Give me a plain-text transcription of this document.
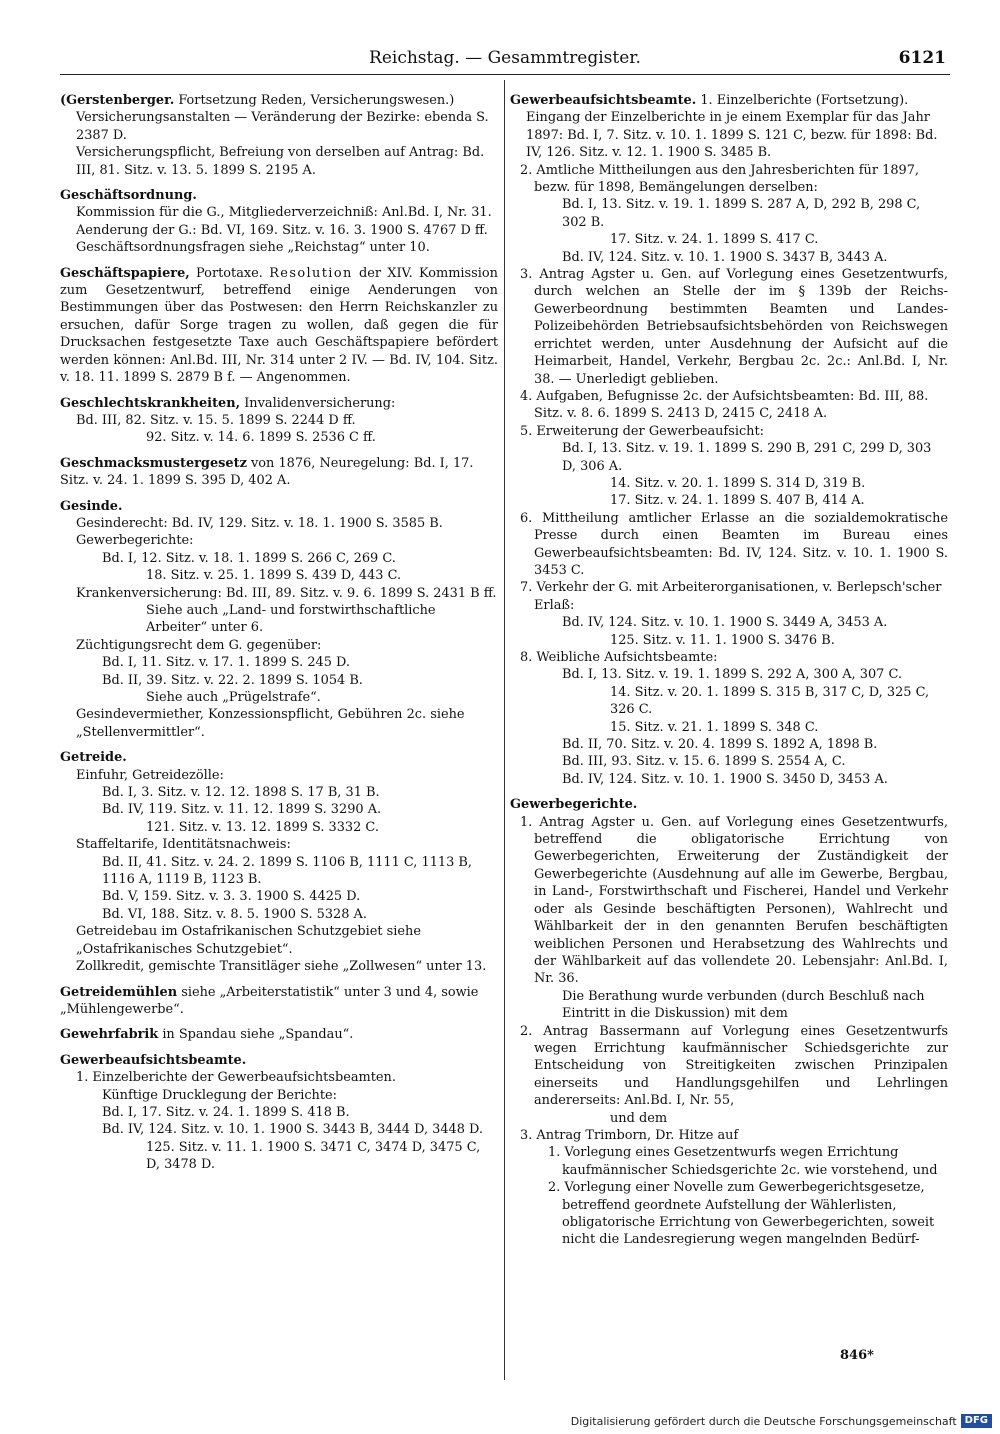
Reichstag. — Gesammtregister.	6121

(Gerstenberger. Fortsetzung Reden, Versicherungswesen.)

Versicherungsanstalten — Veränderung der Bezirke: ebenda S. 2387 D.

Versicherungspflicht, Befreiung von derselben auf Antrag: Bd. III, 81. Sitz. v. 13. 5. 1899 S. 2195 A.

Geschäftsordnung.

Kommission für die G., Mitgliederverzeichniß: Anl.Bd. I, Nr. 31.

Aenderung der G.: Bd. VI, 169. Sitz. v. 16. 3. 1900 S. 4767 D ff.

Geschäftsordnungsfragen siehe „Reichstag“ unter 10.

Geschäftspapiere, Portotaxe. Resolution der XIV. Kommission zum Gesetzentwurf, betreffend einige Aenderungen von Bestimmungen über das Postwesen: den Herrn Reichskanzler zu ersuchen, dafür Sorge tragen zu wollen, daß gegen die für Drucksachen festgesetzte Taxe auch Geschäftspapiere befördert werden können: Anl.Bd. III, Nr. 314 unter 2 IV. — Bd. IV, 104. Sitz. v. 18. 11. 1899 S. 2879 B f. — Angenommen.

Geschlechtskrankheiten, Invalidenversicherung:

Bd. III, 82. Sitz. v. 15. 5. 1899 S. 2244 D ff.

92. Sitz. v. 14. 6. 1899 S. 2536 C ff.

Geschmacksmustergesetz von 1876, Neuregelung: Bd. I, 17. Sitz. v. 24. 1. 1899 S. 395 D, 402 A.

Gesinde.

Gesinderecht: Bd. IV, 129. Sitz. v. 18. 1. 1900 S. 3585 B.

Gewerbegerichte:

Bd. I, 12. Sitz. v. 18. 1. 1899 S. 266 C, 269 C.

18. Sitz. v. 25. 1. 1899 S. 439 D, 443 C.

Krankenversicherung: Bd. III, 89. Sitz. v. 9. 6. 1899 S. 2431 B ff.

Siehe auch „Land- und forstwirthschaftliche Arbeiter“ unter 6.

Züchtigungsrecht dem G. gegenüber:

Bd. I, 11. Sitz. v. 17. 1. 1899 S. 245 D.

Bd. II, 39. Sitz. v. 22. 2. 1899 S. 1054 B.

Siehe auch „Prügelstrafe“.

Gesindevermiether, Konzessionspflicht, Gebühren 2c. siehe „Stellenvermittler“.

Getreide.

Einfuhr, Getreidezölle:

Bd. I, 3. Sitz. v. 12. 12. 1898 S. 17 B, 31 B.

Bd. IV, 119. Sitz. v. 11. 12. 1899 S. 3290 A.

121. Sitz. v. 13. 12. 1899 S. 3332 C.

Staffeltarife, Identitätsnachweis:

Bd. II, 41. Sitz. v. 24. 2. 1899 S. 1106 B, 1111 C, 1113 B, 1116 A, 1119 B, 1123 B.

Bd. V, 159. Sitz. v. 3. 3. 1900 S. 4425 D.

Bd. VI, 188. Sitz. v. 8. 5. 1900 S. 5328 A.

Getreidebau im Ostafrikanischen Schutzgebiet siehe „Ostafrikanisches Schutzgebiet“.

Zollkredit, gemischte Transitläger siehe „Zollwesen“ unter 13.

Getreidemühlen siehe „Arbeiterstatistik“ unter 3 und 4, sowie „Mühlengewerbe“.

Gewehrfabrik in Spandau siehe „Spandau“.

Gewerbeaufsichtsbeamte.

1. Einzelberichte der Gewerbeaufsichtsbeamten.

Künftige Drucklegung der Berichte:

Bd. I, 17. Sitz. v. 24. 1. 1899 S. 418 B.

Bd. IV, 124. Sitz. v. 10. 1. 1900 S. 3443 B, 3444 D, 3448 D.

125. Sitz. v. 11. 1. 1900 S. 3471 C, 3474 D, 3475 C, D, 3478 D.

Gewerbeaufsichtsbeamte. 1. Einzelberichte (Fortsetzung).

Eingang der Einzelberichte in je einem Exemplar für das Jahr 1897: Bd. I, 7. Sitz. v. 10. 1. 1899 S. 121 C, bezw. für 1898: Bd. IV, 126. Sitz. v. 12. 1. 1900 S. 3485 B.

2. Amtliche Mittheilungen aus den Jahresberichten für 1897, bezw. für 1898, Bemängelungen derselben:

Bd. I, 13. Sitz. v. 19. 1. 1899 S. 287 A, D, 292 B, 298 C, 302 B.

17. Sitz. v. 24. 1. 1899 S. 417 C.

Bd. IV, 124. Sitz. v. 10. 1. 1900 S. 3437 B, 3443 A.

3. Antrag Agster u. Gen. auf Vorlegung eines Gesetzentwurfs, durch welchen an Stelle der im § 139b der Reichs-Gewerbeordnung bestimmten Beamten und Landes-Polizeibehörden Betriebsaufsichtsbehörden von Reichswegen errichtet werden, unter Ausdehnung der Aufsicht auf die Heimarbeit, Handel, Verkehr, Bergbau 2c. 2c.: Anl.Bd. I, Nr. 38. — Unerledigt geblieben.

4. Aufgaben, Befugnisse 2c. der Aufsichtsbeamten: Bd. III, 88. Sitz. v. 8. 6. 1899 S. 2413 D, 2415 C, 2418 A.

5. Erweiterung der Gewerbeaufsicht:

Bd. I, 13. Sitz. v. 19. 1. 1899 S. 290 B, 291 C, 299 D, 303 D, 306 A.

14. Sitz. v. 20. 1. 1899 S. 314 D, 319 B.

17. Sitz. v. 24. 1. 1899 S. 407 B, 414 A.

6. Mittheilung amtlicher Erlasse an die sozialdemokratische Presse durch einen Beamten im Bureau eines Gewerbeaufsichtsbeamten: Bd. IV, 124. Sitz. v. 10. 1. 1900 S. 3453 C.

7. Verkehr der G. mit Arbeiterorganisationen, v. Berlepsch'scher Erlaß:

Bd. IV, 124. Sitz. v. 10. 1. 1900 S. 3449 A, 3453 A.

125. Sitz. v. 11. 1. 1900 S. 3476 B.

8. Weibliche Aufsichtsbeamte:

Bd. I, 13. Sitz. v. 19. 1. 1899 S. 292 A, 300 A, 307 C.

14. Sitz. v. 20. 1. 1899 S. 315 B, 317 C, D, 325 C, 326 C.

15. Sitz. v. 21. 1. 1899 S. 348 C.

Bd. II, 70. Sitz. v. 20. 4. 1899 S. 1892 A, 1898 B.

Bd. III, 93. Sitz. v. 15. 6. 1899 S. 2554 A, C.

Bd. IV, 124. Sitz. v. 10. 1. 1900 S. 3450 D, 3453 A.

Gewerbegerichte.

1. Antrag Agster u. Gen. auf Vorlegung eines Gesetzentwurfs, betreffend die obligatorische Errichtung von Gewerbegerichten, Erweiterung der Zuständigkeit der Gewerbegerichte (Ausdehnung auf alle im Gewerbe, Bergbau, in Land-, Forstwirthschaft und Fischerei, Handel und Verkehr oder als Gesinde beschäftigten Personen), Wahlrecht und Wählbarkeit der in den genannten Berufen beschäftigten weiblichen Personen und Herabsetzung des Wahlrechts und der Wählbarkeit auf das vollendete 20. Lebensjahr: Anl.Bd. I, Nr. 36.

Die Berathung wurde verbunden (durch Beschluß nach Eintritt in die Diskussion) mit dem

2. Antrag Bassermann auf Vorlegung eines Gesetzentwurfs wegen Errichtung kaufmännischer Schiedsgerichte zur Entscheidung von Streitigkeiten zwischen Prinzipalen einerseits und Handlungsgehilfen und Lehrlingen andererseits: Anl.Bd. I, Nr. 55,

und dem

3. Antrag Trimborn, Dr. Hitze auf

1. Vorlegung eines Gesetzentwurfs wegen Errichtung kaufmännischer Schiedsgerichte 2c. wie vorstehend, und

2. Vorlegung einer Novelle zum Gewerbegerichtsgesetze, betreffend geordnete Aufstellung der Wählerlisten, obligatorische Errichtung von Gewerbegerichten, soweit nicht die Landesregierung wegen mangelnden Bedürf-

846*
Digitalisierung gefördert durch die Deutsche Forschungsgemeinschaft DFG
